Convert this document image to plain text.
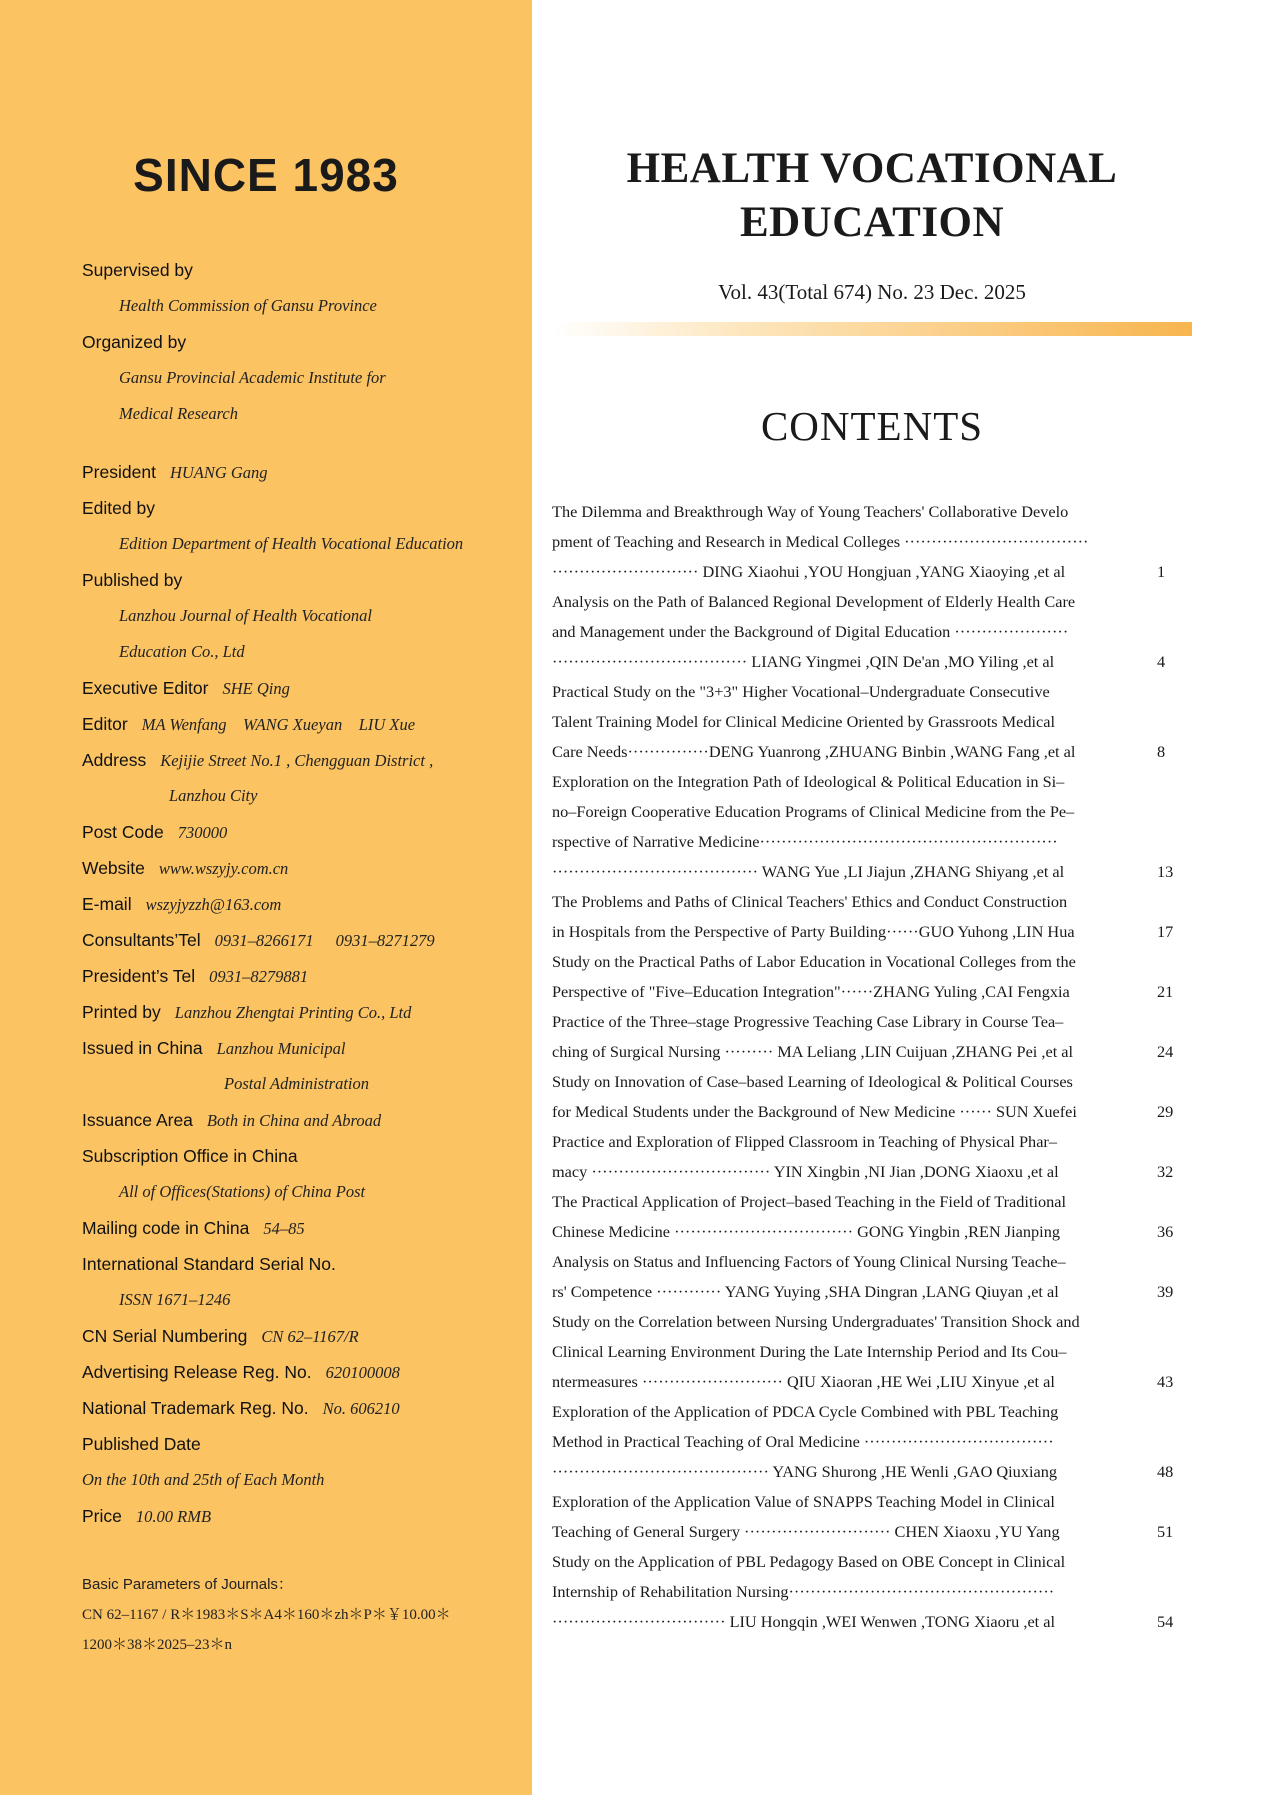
SINCE 1983
Supervised by
Health Commission of Gansu Province
Organized by
Gansu Provincial Academic Institute for
Medical Research
President HUANG Gang
Edited by
Edition Department of Health Vocational Education
Published by
Lanzhou Journal of Health Vocational
Education Co., Ltd
Executive Editor SHE Qing
Editor MA Wenfang    WANG Xueyan    LIU Xue
Address Kejijie Street No.1 , Chengguan District ,
Lanzhou City
Post Code 730000
Website www.wszyjy.com.cn
E-mail wszyjyzzh@163.com
Consultants’Tel 0931–8266171 0931–8271279
President’s Tel 0931–8279881
Printed by Lanzhou Zhengtai Printing Co., Ltd
Issued in China Lanzhou Municipal
Postal Administration
Issuance Area Both in China and Abroad
Subscription Office in China
All of Offices(Stations) of China Post
Mailing code in China 54–85
International Standard Serial No.
ISSN 1671–1246
CN Serial Numbering CN 62–1167/R
Advertising Release Reg. No. 620100008
National Trademark Reg. No. No. 606210
Published Date
On the 10th and 25th of Each Month
Price 10.00 RMB
Basic Parameters of Journals：
CN 62–1167 / R＊1983＊S＊A4＊160＊zh＊P＊￥10.00＊
1200＊38＊2025–23＊n
HEALTH VOCATIONAL
EDUCATION
Vol. 43(Total 674) No. 23 Dec. 2025
CONTENTS
The Dilemma and Breakthrough Way of Young Teachers' Collaborative Develo
pment of Teaching and Research in Medical Colleges ··································
··························· DING Xiaohui ,YOU Hongjuan ,YANG Xiaoying ,et al	1
Analysis on the Path of Balanced Regional Development of Elderly Health Care
and Management under the Background of Digital Education ·····················
···································· LIANG Yingmei ,QIN De'an ,MO Yiling ,et al	4
Practical Study on the "3+3" Higher Vocational–Undergraduate Consecutive
Talent Training Model for Clinical Medicine Oriented by Grassroots Medical
Care Needs···············DENG Yuanrong ,ZHUANG Binbin ,WANG Fang ,et al	8
Exploration on the Integration Path of Ideological & Political Education in Si–
no–Foreign Cooperative Education Programs of Clinical Medicine from the Pe–
rspective of Narrative Medicine·······················································
······································ WANG Yue ,LI Jiajun ,ZHANG Shiyang ,et al	13
The Problems and Paths of Clinical Teachers' Ethics and Conduct Construction
in Hospitals from the Perspective of Party Building······GUO Yuhong ,LIN Hua	17
Study on the Practical Paths of Labor Education in Vocational Colleges from the
Perspective of "Five–Education Integration"······ZHANG Yuling ,CAI Fengxia	21
Practice of the Three–stage Progressive Teaching Case Library in Course Tea–
ching of Surgical Nursing ········· MA Leliang ,LIN Cuijuan ,ZHANG Pei ,et al	24
Study on Innovation of Case–based Learning of Ideological & Political Courses
for Medical Students under the Background of New Medicine ······ SUN Xuefei	29
Practice and Exploration of Flipped Classroom in Teaching of Physical Phar–
macy ································· YIN Xingbin ,NI Jian ,DONG Xiaoxu ,et al	32
The Practical Application of Project–based Teaching in the Field of Traditional
Chinese Medicine ································· GONG Yingbin ,REN Jianping	36
Analysis on Status and Influencing Factors of Young Clinical Nursing Teache–
rs' Competence ············ YANG Yuying ,SHA Dingran ,LANG Qiuyan ,et al	39
Study on the Correlation between Nursing Undergraduates' Transition Shock and
Clinical Learning Environment During the Late Internship Period and Its Cou–
ntermeasures ·························· QIU Xiaoran ,HE Wei ,LIU Xinyue ,et al	43
Exploration of the Application of PDCA Cycle Combined with PBL Teaching
Method in Practical Teaching of Oral Medicine ···································
········································ YANG Shurong ,HE Wenli ,GAO Qiuxiang	48
Exploration of the Application Value of SNAPPS Teaching Model in Clinical
Teaching of General Surgery ··························· CHEN Xiaoxu ,YU Yang	51
Study on the Application of PBL Pedagogy Based on OBE Concept in Clinical
Internship of Rehabilitation Nursing·················································
································ LIU Hongqin ,WEI Wenwen ,TONG Xiaoru ,et al	54
